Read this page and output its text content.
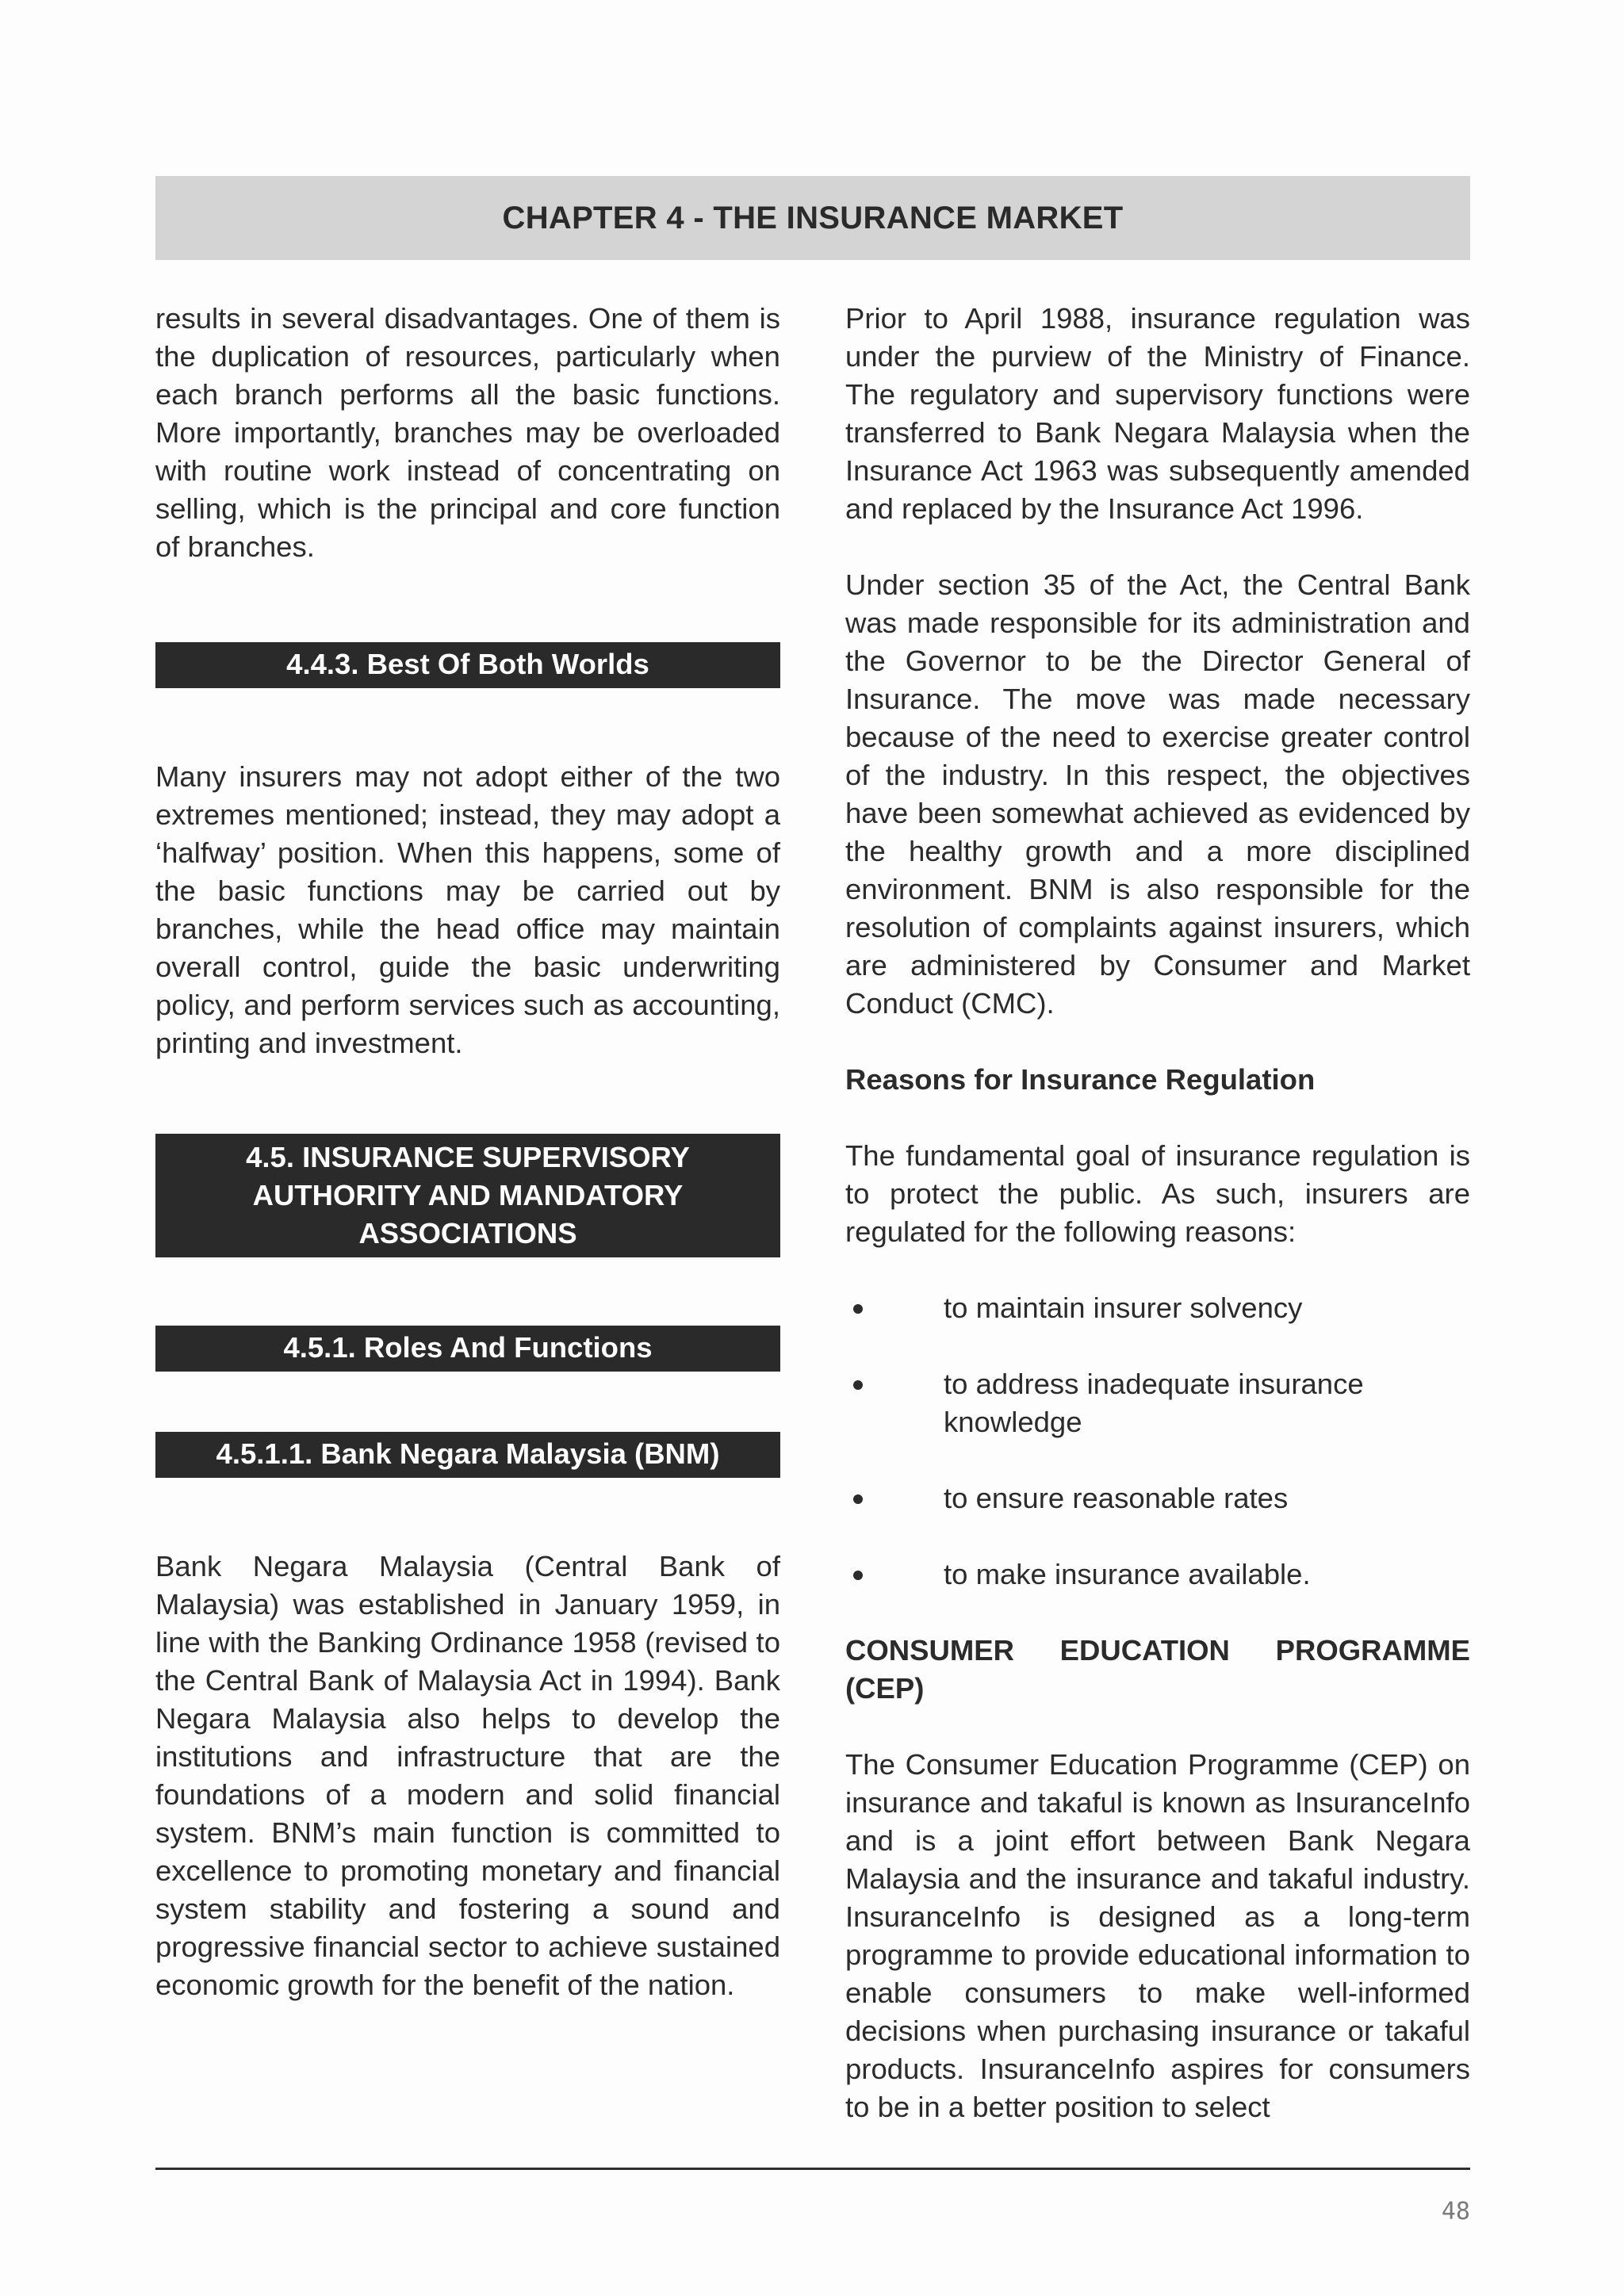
CHAPTER 4 - THE INSURANCE MARKET

results in several disadvantages. One of them is the duplication of resources, particularly when each branch performs all the basic functions. More importantly, branches may be overloaded with routine work instead of concentrating on selling, which is the principal and core function of branches.

4.4.3. Best Of Both Worlds

Many insurers may not adopt either of the two extremes mentioned; instead, they may adopt a ‘halfway’ position. When this happens, some of the basic functions may be carried out by branches, while the head office may maintain overall control, guide the basic underwriting policy, and perform services such as accounting, printing and investment.

4.5. INSURANCE SUPERVISORY AUTHORITY AND MANDATORY ASSOCIATIONS
4.5.1. Roles And Functions
4.5.1.1. Bank Negara Malaysia (BNM)

Bank Negara Malaysia (Central Bank of Malaysia) was established in January 1959, in line with the Banking Ordinance 1958 (revised to the Central Bank of Malaysia Act in 1994). Bank Negara Malaysia also helps to develop the institutions and infrastructure that are the foundations of a modern and solid financial system. BNM’s main function is committed to excellence to promoting monetary and financial system stability and fostering a sound and progressive financial sector to achieve sustained economic growth for the benefit of the nation.

Prior to April 1988, insurance regulation was under the purview of the Ministry of Finance. The regulatory and supervisory functions were transferred to Bank Negara Malaysia when the Insurance Act 1963 was subsequently amended and replaced by the Insurance Act 1996.

Under section 35 of the Act, the Central Bank was made responsible for its administration and the Governor to be the Director General of Insurance. The move was made necessary because of the need to exercise greater control of the industry. In this respect, the objectives have been somewhat achieved as evidenced by the healthy growth and a more disciplined environment. BNM is also responsible for the resolution of complaints against insurers, which are administered by Consumer and Market Conduct (CMC).

Reasons for Insurance Regulation

The fundamental goal of insurance regulation is to protect the public. As such, insurers are regulated for the following reasons:

to maintain insurer solvency
to address inadequate insurance knowledge
to ensure reasonable rates
to make insurance available.

CONSUMER EDUCATION PROGRAMME (CEP)

The Consumer Education Programme (CEP) on insurance and takaful is known as InsuranceInfo and is a joint effort between Bank Negara Malaysia and the insurance and takaful industry. InsuranceInfo is designed as a long-term programme to provide educational information to enable consumers to make well-informed decisions when purchasing insurance or takaful products. InsuranceInfo aspires for consumers to be in a better position to select

48
